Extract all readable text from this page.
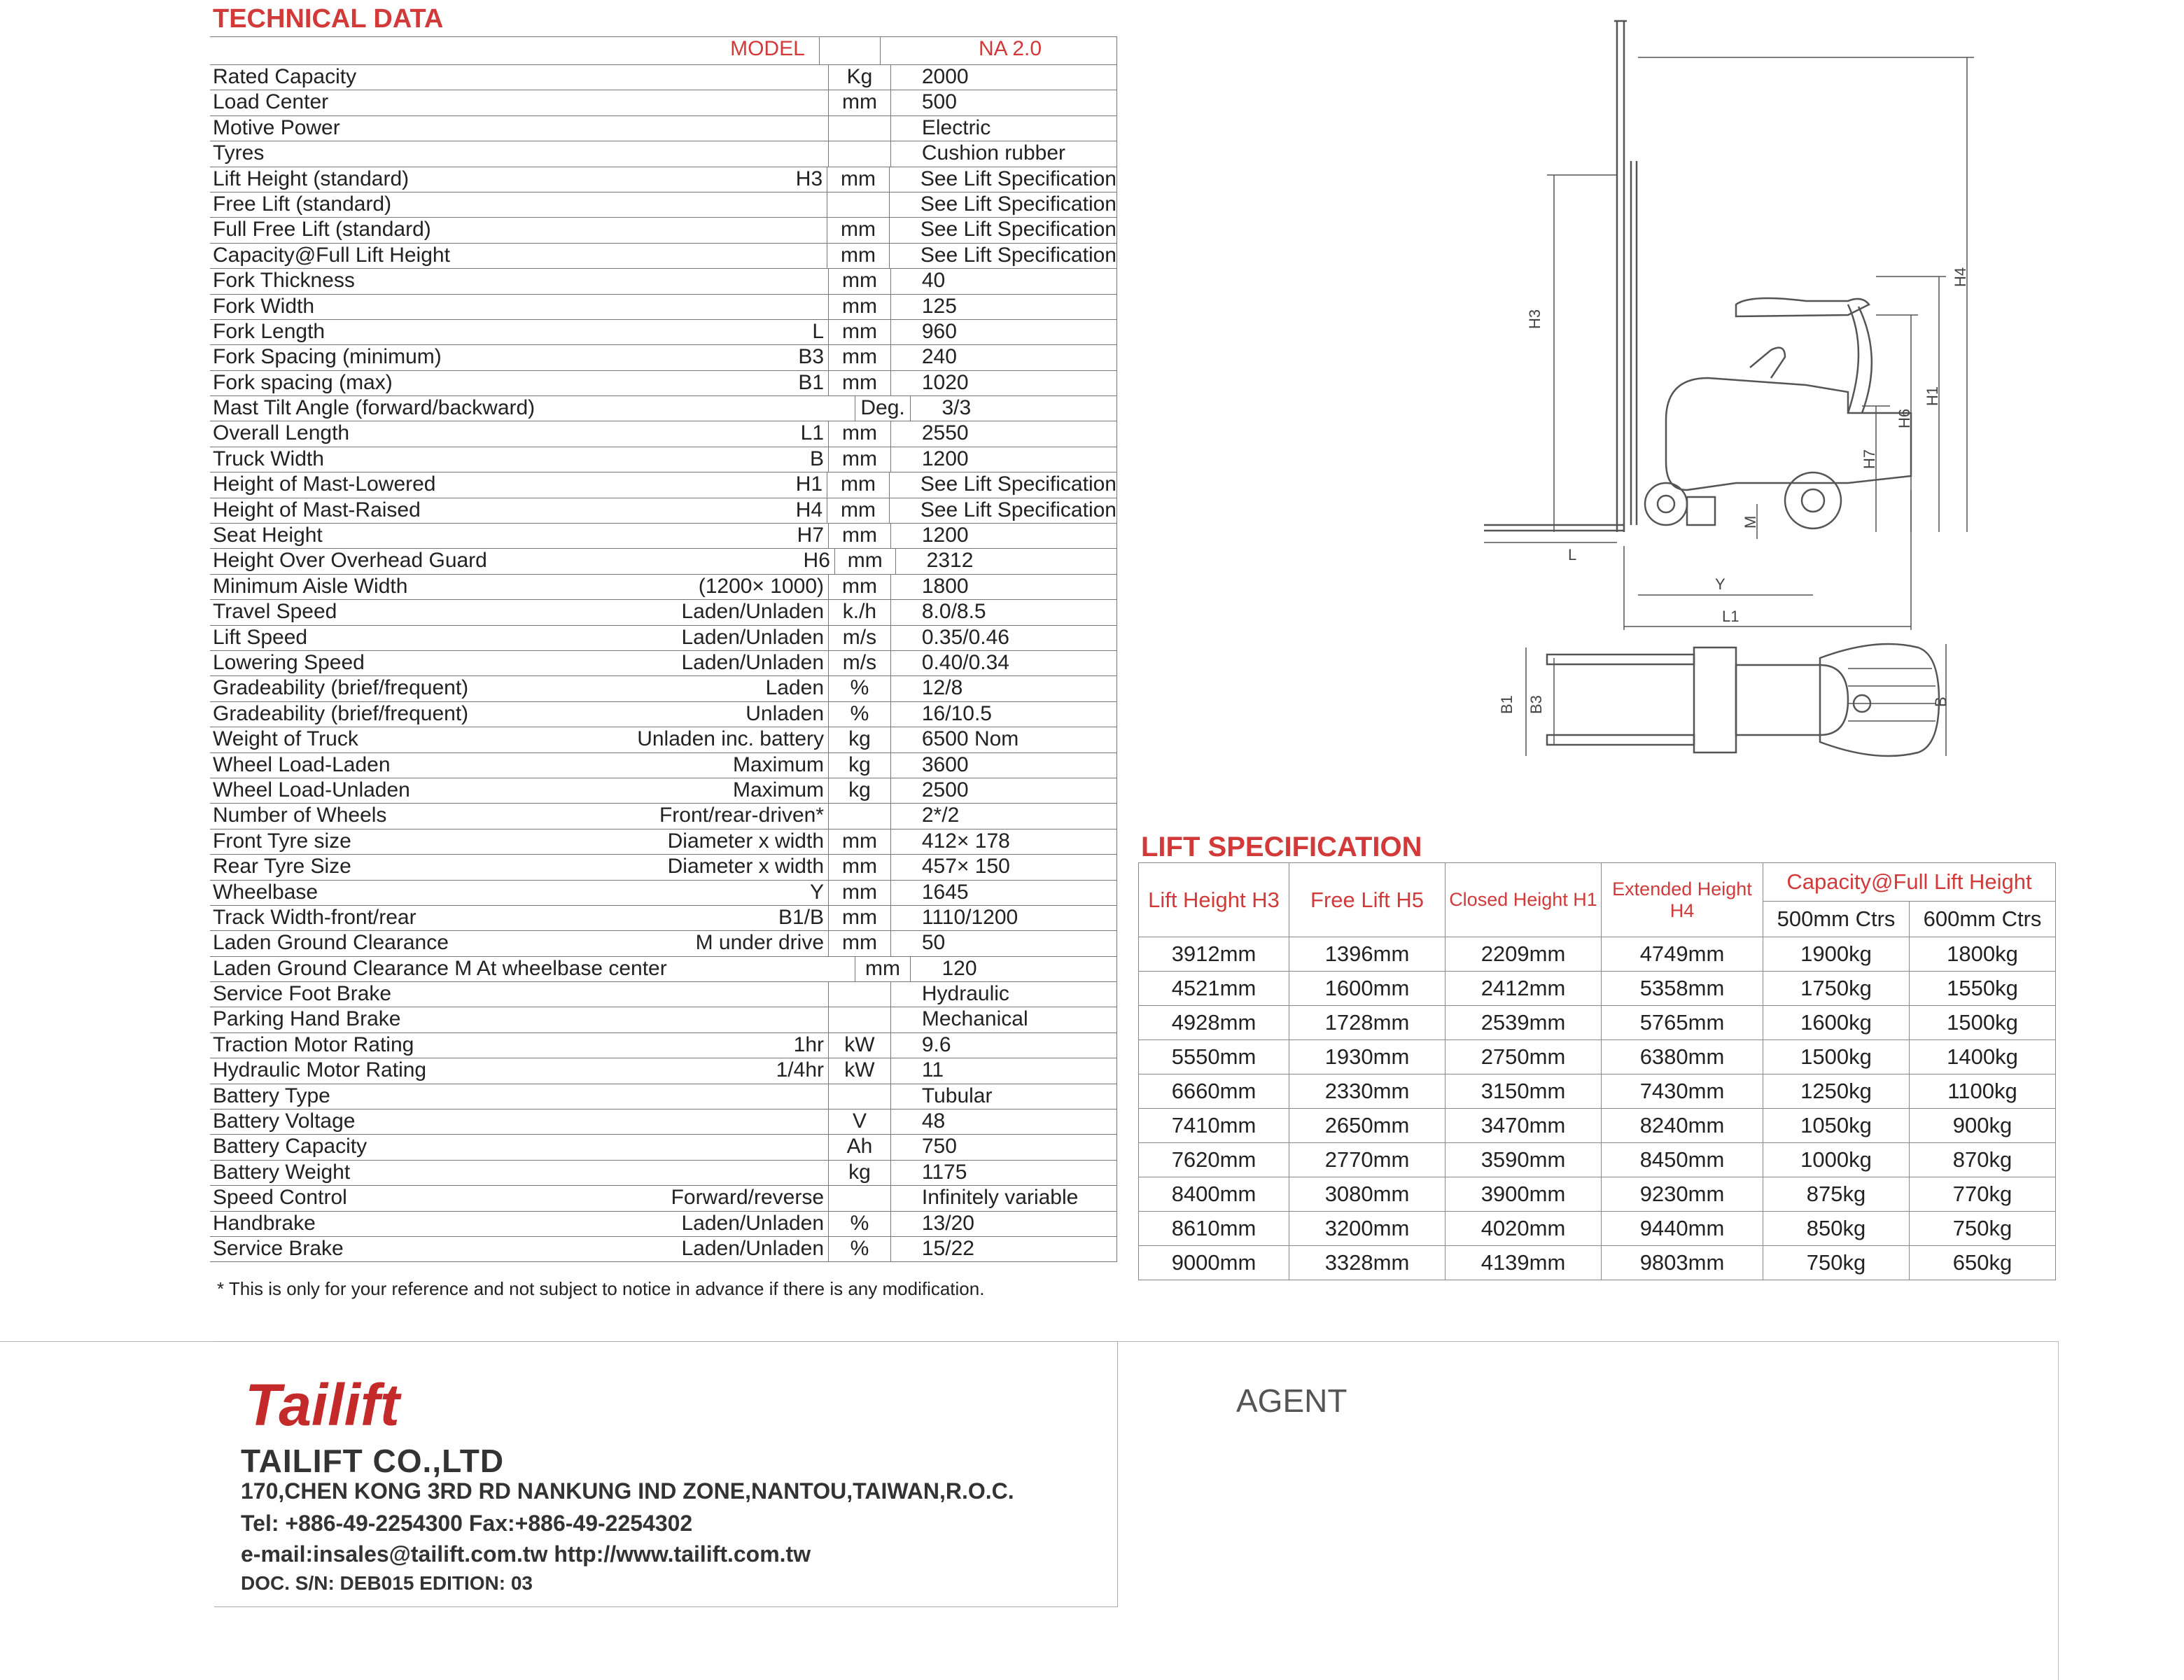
TECHNICAL DATA
MODEL	NA 2.0
Rated Capacity	Kg	2000
Load Center	mm	500
Motive Power	Electric
Tyres	Cushion rubber
Lift Height (standard)	H3 mm	See Lift Specification
Free Lift (standard)	See Lift Specification
Full Free Lift (standard)	mm	See Lift Specification
Capacity@Full Lift Height	mm	See Lift Specification
Fork Thickness	mm	40
Fork Width	mm	125
Fork Length	L mm	960
Fork Spacing (minimum)	B3 mm	240
Fork spacing (max)	B1 mm	1020
Mast Tilt Angle (forward/backward)	Deg.	3/3
Overall Length	L1 mm	2550
Truck Width	B mm	1200
Height of Mast-Lowered	H1 mm	See Lift Specification
Height of Mast-Raised	H4 mm	See Lift Specification
Seat Height	H7 mm	1200
Height Over Overhead Guard	H6 mm	2312
Minimum Aisle Width	(1200× 1000) mm	1800
Travel Speed	Laden/Unladen k./h	8.0/8.5
Lift Speed	Laden/Unladen m/s	0.35/0.46
Lowering Speed	Laden/Unladen m/s	0.40/0.34
Gradeability (brief/frequent)	Laden	%	12/8
Gradeability (brief/frequent)	Unladen	%	16/10.5
Weight of Truck	Unladen inc. battery	kg	6500 Nom
Wheel Load-Laden	Maximum	kg	3600
Wheel Load-Unladen	Maximum	kg	2500
Number of Wheels	Front/rear-driven*	2*/2
Front Tyre size	Diameter x width mm	412× 178
Rear Tyre Size	Diameter x width mm	457× 150
Wheelbase	Y mm	1645
Track Width-front/rear	B1/B mm	1110/1200
Laden Ground Clearance	M under drive mm	50
Laden Ground Clearance M At wheelbase center	mm	120
Service Foot Brake	Hydraulic
Parking Hand Brake	Mechanical
Traction Motor Rating	1hr kW	9.6
Hydraulic Motor Rating	1/4hr kW	11
Battery Type	Tubular
Battery Voltage	V	48
Battery Capacity	Ah	750
Battery Weight	kg	1175
Speed Control	Forward/reverse	Infinitely variable
Handbrake	Laden/Unladen	%	13/20
Service Brake	Laden/Unladen	%	15/22
* This is only for your reference and not subject to notice in advance if there is any modification.
H3
H4
H1
H6
H7
M
L
Y
L1
B1 B3	B
LIFT SPECIFICATION
Lift Height H3	Free Lift H5	Closed Height H1	Extended Height H4	Capacity@Full Lift Height	
				500mm Ctrs	600mm Ctrs
3912mm	1396mm	2209mm	4749mm	1900kg	1800kg
4521mm	1600mm	2412mm	5358mm	1750kg	1550kg
4928mm	1728mm	2539mm	5765mm	1600kg	1500kg
5550mm	1930mm	2750mm	6380mm	1500kg	1400kg
6660mm	2330mm	3150mm	7430mm	1250kg	1100kg
7410mm	2650mm	3470mm	8240mm	1050kg	900kg
7620mm	2770mm	3590mm	8450mm	1000kg	870kg
8400mm	3080mm	3900mm	9230mm	875kg	770kg
8610mm	3200mm	4020mm	9440mm	850kg	750kg
9000mm	3328mm	4139mm	9803mm	750kg	650kg
Tailift
TAILIFT CO.,LTD
170,CHEN KONG 3RD RD NANKUNG IND ZONE,NANTOU,TAIWAN,R.O.C.
Tel: +886-49-2254300 Fax:+886-49-2254302
e-mail:insales@tailift.com.tw http://www.tailift.com.tw
DOC. S/N: DEB015 EDITION: 03
AGENT
